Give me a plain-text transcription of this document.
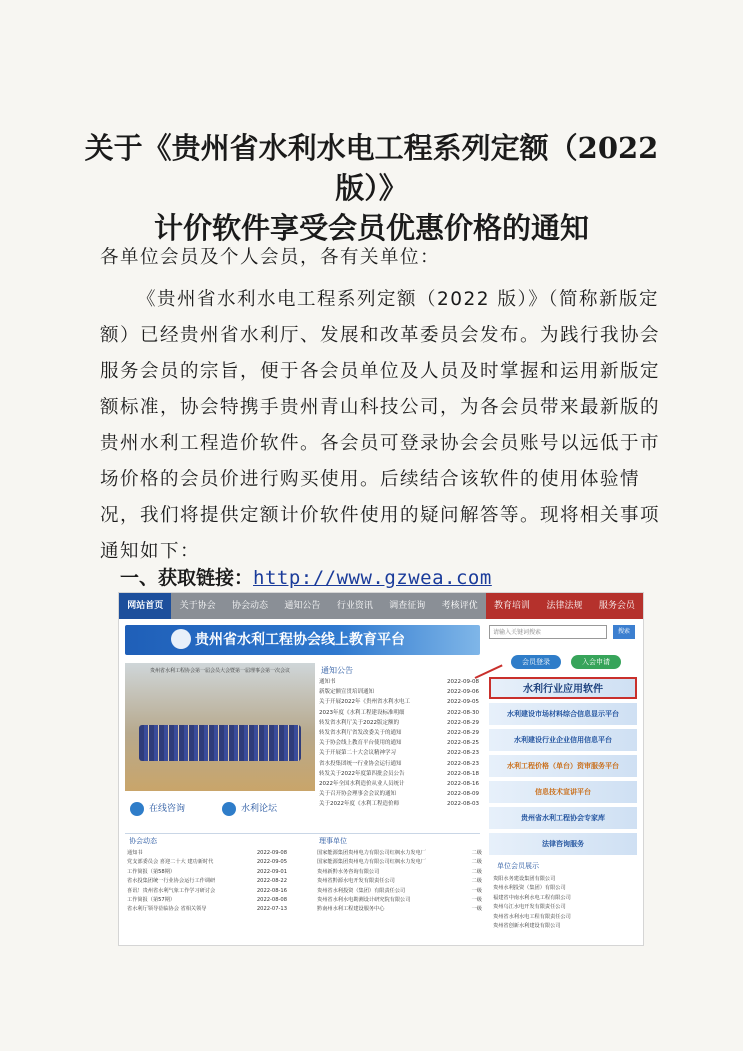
关于《贵州省水利水电工程系列定额（2022 版）》
计价软件享受会员优惠价格的通知
各单位会员及个人会员，各有关单位：
《贵州省水利水电工程系列定额（2022 版）》（简称新版定额）已经贵州省水利厅、发展和改革委员会发布。为践行我协会服务会员的宗旨，便于各会员单位及人员及时掌握和运用新版定额标准，协会特携手贵州青山科技公司，为各会员带来最新版的贵州水利工程造价软件。各会员可登录协会会员账号以远低于市场价格的会员价进行购买使用。后续结合该软件的使用体验情况，我们将提供定额计价软件使用的疑问解答等。现将相关事项通知如下：
一、获取链接：http://www.gzwea.com
网站首页	关于协会	协会动态	通知公告	行业资讯	调查征询	考核评优	教育培训	法律法规	服务会员
贵州省水利工程协会线上教育平台	请输入关键词搜索	搜索
会员登录	入会申请
贵州省水利工程协会第一届会员大会暨第一届理事会第一次会议	通知公告
通知书	2022-09-08
新版定额宣贯培训通知	2022-09-06
关于开展2022年《贵州省水利水电工	2022-09-05
2023年度《水利工程建设标准明细	2022-08-30
转发省水利厅关于2022版定额的	2022-08-29
转发省水利厅省发改委关于的通知	2022-08-29
关于协会线上教育平台使用的通知	2022-08-25
关于开展第二十大会议精神学习	2022-08-23
省水投集团统一行业协会运行通知	2022-08-23
转发关于2022年度第四批会员公告	2022-08-18
2022年全国水利造价从业人员统计	2022-08-16
关于召开协会理事会会议的通知	2022-08-09
关于2022年度《水利工程造价师	2022-08-03
水利行业应用软件
水利建设市场材料综合信息显示平台
水利建设行业企业信用信息平台
水利工程价格（单台）资审服务平台
信息技术宣讲平台
贵州省水利工程协会专家库
法律咨询服务
在线咨询	水利论坛
协会动态
通知书	2022-09-08
党支部委员会 喜迎二十大 建功新时代	2022-09-05
工作简报（第58期）	2022-09-01
省水投集团统一行业协会运行工作调研	2022-08-22
喜讯！贵州省水利气象工作学习研讨会	2022-08-16
工作简报（第57期）	2022-08-08
省水利厅领导莅临协会 省相关领导	2022-07-13
理事单位
国家能源集团贵州电力有限公司红枫水力发电厂	二级
国家能源集团贵州电力有限公司红枫水力发电厂	二级
贵州新黔水务咨询有限公司	二级
贵州省黔源水电开发有限责任公司	二级
贵州省水利投资（集团）有限责任公司	一级
贵州省水利水电勘测设计研究院有限公司	一级
黔南州水利工程建设服务中心	一级
单位会员展示
贵阳水务建设集团有限公司
贵州水利投资（集团）有限公司
福建省中南水利水电工程有限公司
贵州乌江水电开发有限责任公司
贵州省水利水电工程有限责任公司
贵州省创新水利建设有限公司
